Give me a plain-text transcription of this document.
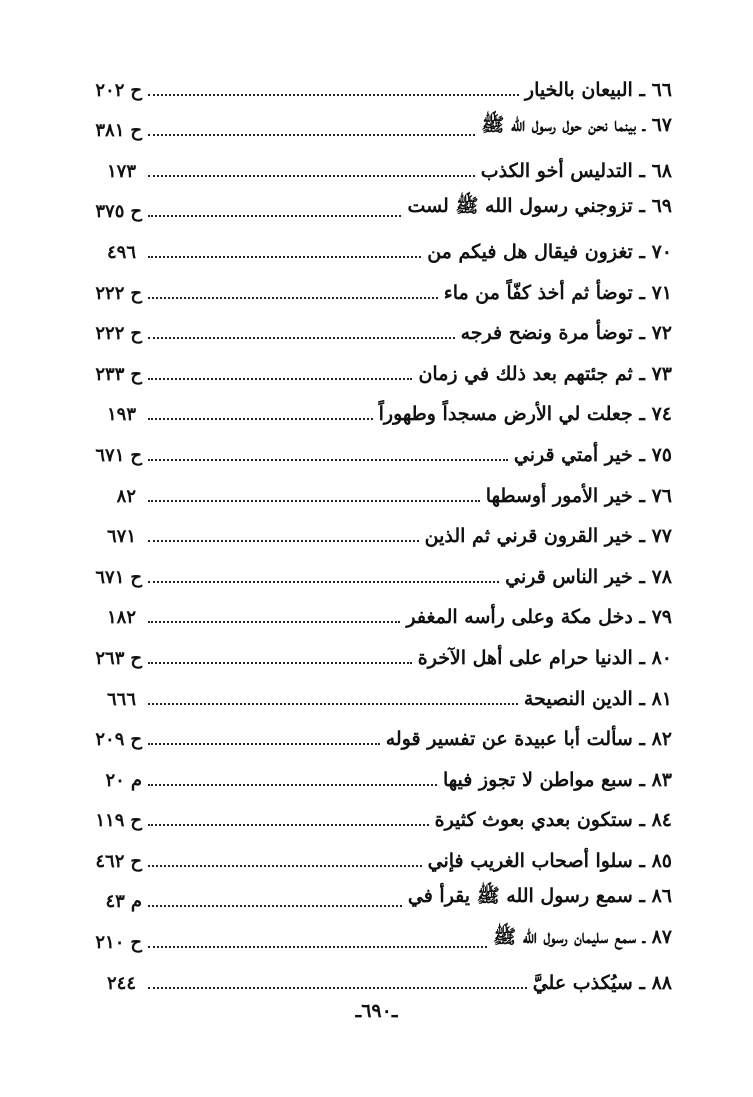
٦٦ ـ البيعان بالخيار
ح
٢٠٢
٦٧ ـ بينما نحن حول رسول الله ﷺ
ح
٣٨١
٦٨ ـ التدليس أخو الكذب
١٧٣
٦٩ ـ تزوجني رسول الله ﷺ لست
ح
٣٧٥
٧٠ ـ تغزون فيقال هل فيكم من
٤٩٦
٧١ ـ توضأ ثم أخذ كفّاً من ماء
ح
٢٢٢
٧٢ ـ توضأ مرة ونضح فرجه
ح
٢٢٢
٧٣ ـ ثم جئتهم بعد ذلك في زمان
ح
٢٣٣
٧٤ ـ جعلت لي الأرض مسجداً وطهوراً
١٩٣
٧٥ ـ خير أمتي قرني
ح
٦٧١
٧٦ ـ خير الأمور أوسطها
٨٢
٧٧ ـ خير القرون قرني ثم الذين
٦٧١
٧٨ ـ خير الناس قرني
ح
٦٧١
٧٩ ـ دخل مكة وعلى رأسه المغفر
١٨٢
٨٠ ـ الدنيا حرام على أهل الآخرة
ح
٢٦٣
٨١ ـ الدين النصيحة
٦٦٦
٨٢ ـ سألت أبا عبيدة عن تفسير قوله
ح
٢٠٩
٨٣ ـ سبع مواطن لا تجوز فيها
م
٢٠
٨٤ ـ ستكون بعدي بعوث كثيرة
ح
١١٩
٨٥ ـ سلوا أصحاب الغريب فإني
ح
٤٦٢
٨٦ ـ سمع رسول الله ﷺ يقرأ في
م
٤٣
٨٧ ـ سمع سليمان رسول الله ﷺ
ح
٢١٠
٨٨ ـ سيُكذب عليَّ
٢٤٤
ـ٦٩٠ـ
